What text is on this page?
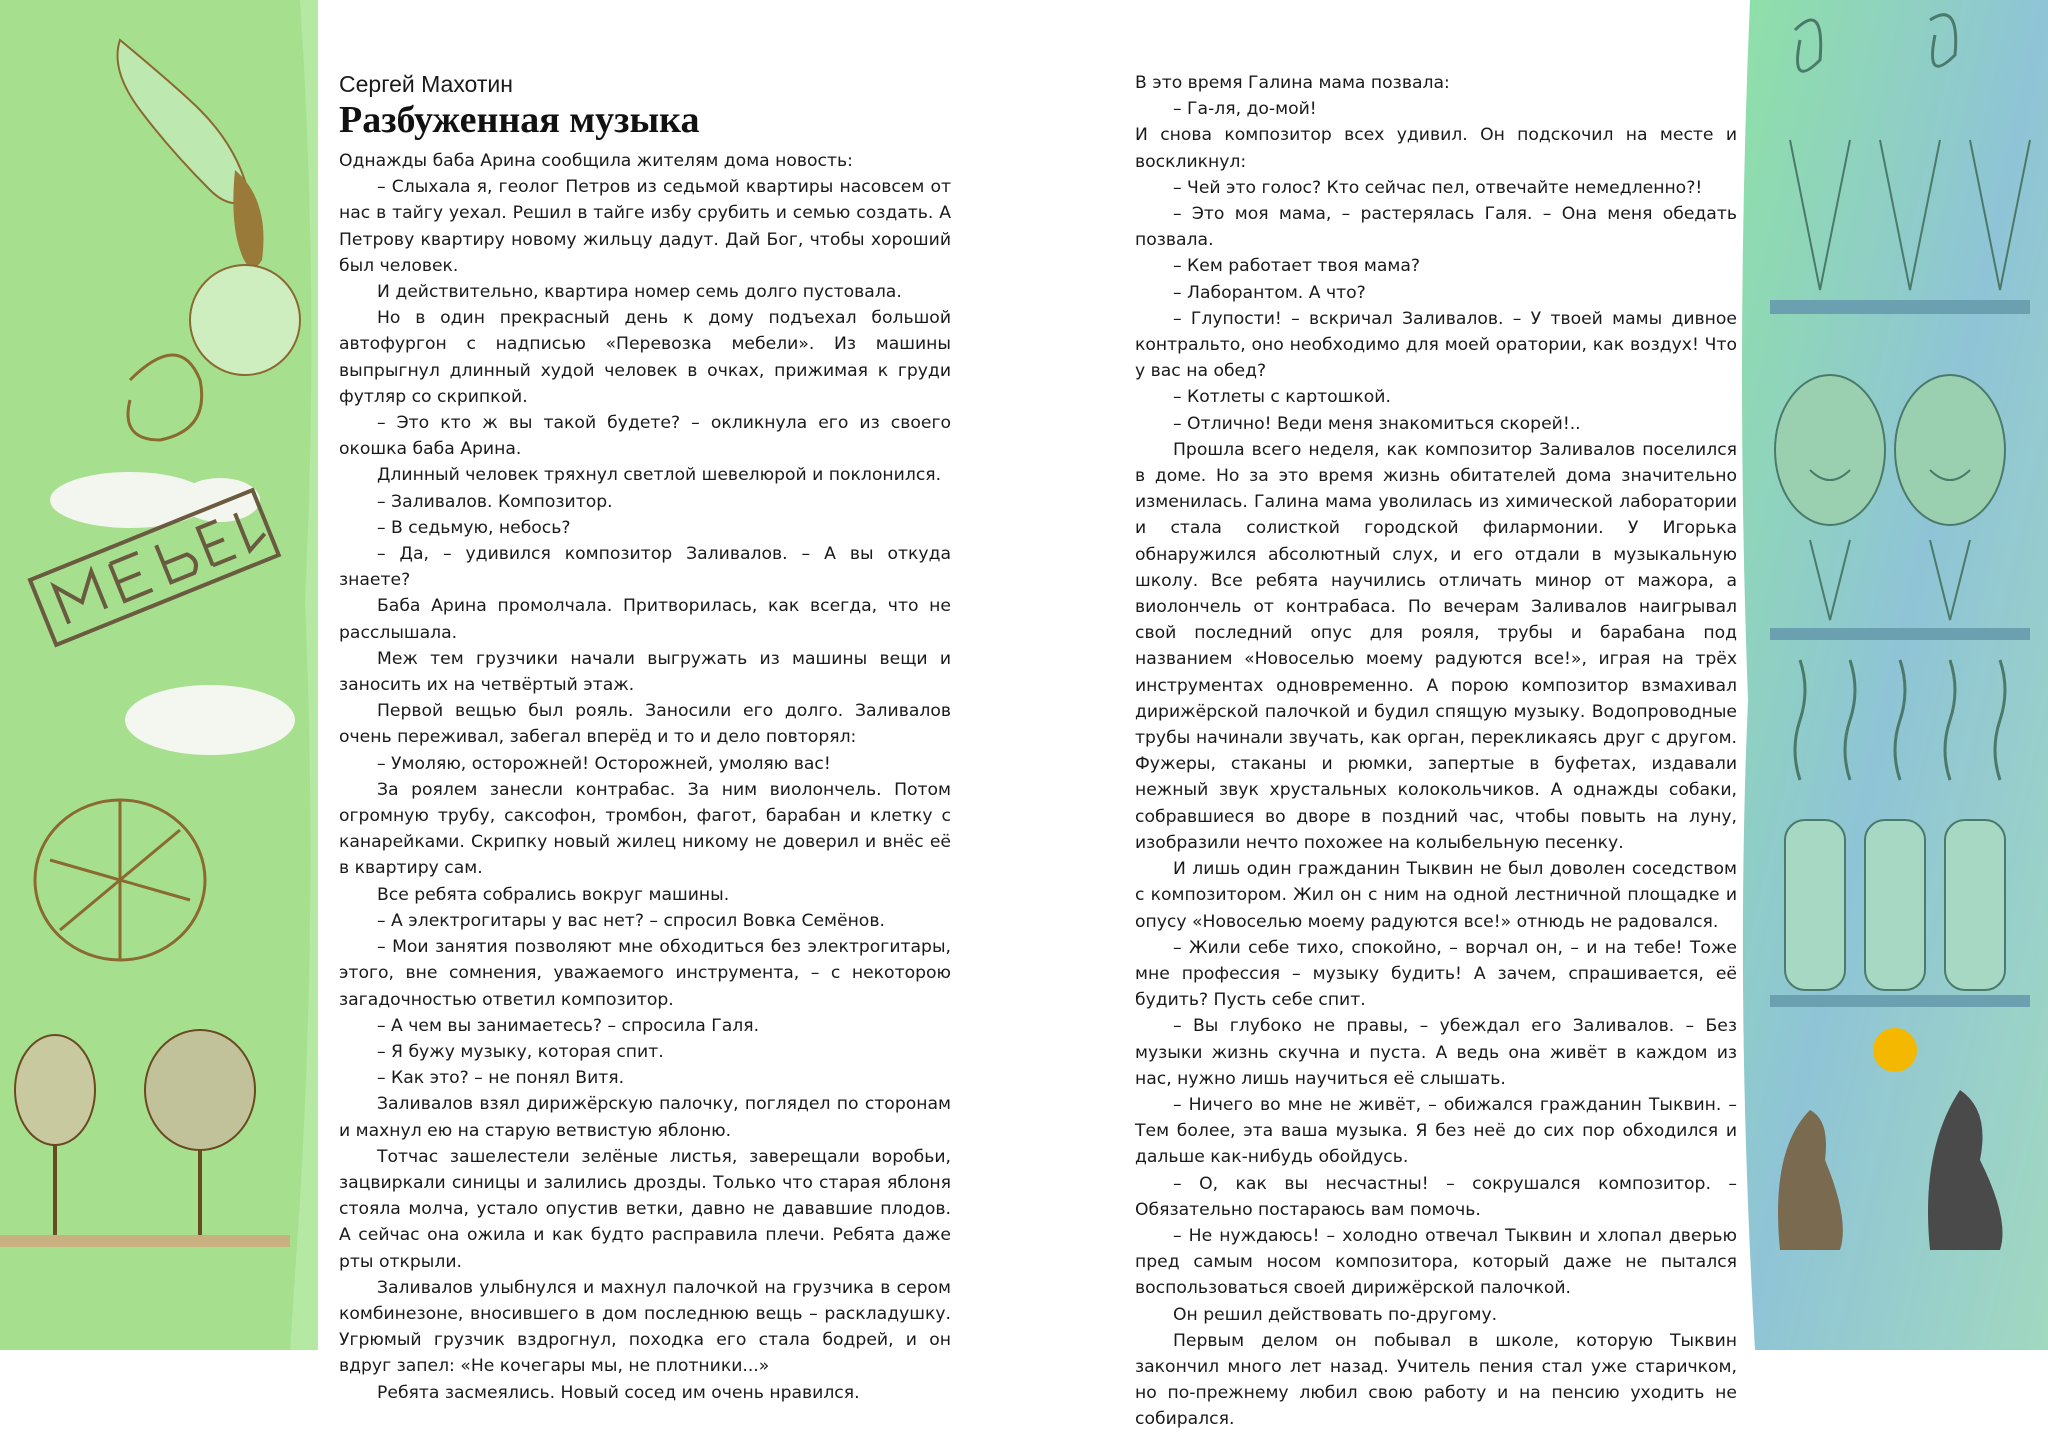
Сергей Махотин
Разбуженная музыка

Однажды баба Арина сообщила жителям дома новость:

– Слыхала я, геолог Петров из седьмой квартиры насовсем от нас в тайгу уехал. Решил в тайге избу срубить и семью создать. А Петрову квартиру новому жильцу дадут. Дай Бог, чтобы хороший был человек.

И действительно, квартира номер семь долго пустовала.

Но в один прекрасный день к дому подъехал большой автофургон с надписью «Перевозка мебели». Из машины выпрыгнул длинный худой человек в очках, прижимая к груди футляр со скрипкой.

– Это кто ж вы такой будете? – окликнула его из своего окошка баба Арина.

Длинный человек тряхнул светлой шевелюрой и поклонился.

– Заливалов. Композитор.

– В седьмую, небось?

– Да, – удивился композитор Заливалов. – А вы откуда знаете?

Баба Арина промолчала. Притворилась, как всегда, что не расслышала.

Меж тем грузчики начали выгружать из машины вещи и заносить их на четвёртый этаж.

Первой вещью был рояль. Заносили его долго. Заливалов очень переживал, забегал вперёд и то и дело повторял:

– Умоляю, осторожней! Осторожней, умоляю вас!

За роялем занесли контрабас. За ним виолончель. Потом огромную трубу, саксофон, тромбон, фагот, барабан и клетку с канарейками. Скрипку новый жилец никому не доверил и внёс её в квартиру сам.

Все ребята собрались вокруг машины.

– А электрогитары у вас нет? – спросил Вовка Семёнов.

– Мои занятия позволяют мне обходиться без электрогитары, этого, вне сомнения, уважаемого инструмента, – с некоторою загадочностью ответил композитор.

– А чем вы занимаетесь? – спросила Галя.

– Я бужу музыку, которая спит.

– Как это? – не понял Витя.

Заливалов взял дирижёрскую палочку, поглядел по сторонам и махнул ею на старую ветвистую яблоню.

Тотчас зашелестели зелёные листья, заверещали воробьи, зацвиркали синицы и залились дрозды. Только что старая яблоня стояла молча, устало опустив ветки, давно не дававшие плодов. А сейчас она ожила и как будто расправила плечи. Ребята даже рты открыли.

Заливалов улыбнулся и махнул палочкой на грузчика в сером комбинезоне, вносившего в дом последнюю вещь – раскладушку. Угрюмый грузчик вздрогнул, походка его стала бодрей, и он вдруг запел: «Не кочегары мы, не плотники...»

Ребята засмеялись. Новый сосед им очень нравился.

В это время Галина мама позвала:

– Га-ля, до-мой!

И снова композитор всех удивил. Он подскочил на месте и воскликнул:

– Чей это голос? Кто сейчас пел, отвечайте немедленно?!

– Это моя мама, – растерялась Галя. – Она меня обедать позвала.

– Кем работает твоя мама?

– Лаборантом. А что?

– Глупости! – вскричал Заливалов. – У твоей мамы дивное контральто, оно необходимо для моей оратории, как воздух! Что у вас на обед?

– Котлеты с картошкой.

– Отлично! Веди меня знакомиться скорей!..

Прошла всего неделя, как композитор Заливалов поселился в доме. Но за это время жизнь обитателей дома значительно изменилась. Галина мама уволилась из химической лаборатории и стала солисткой городской филармонии. У Игорька обнаружился абсолютный слух, и его отдали в музыкальную школу. Все ребята научились отличать минор от мажора, а виолончель от контрабаса. По вечерам Заливалов наигрывал свой последний опус для рояля, трубы и барабана под названием «Новоселью моему радуются все!», играя на трёх инструментах одновременно. А порою композитор взмахивал дирижёрской палочкой и будил спящую музыку. Водопроводные трубы начинали звучать, как орган, перекликаясь друг с другом. Фужеры, стаканы и рюмки, запертые в буфетах, издавали нежный звук хрустальных колокольчиков. А однажды собаки, собравшиеся во дворе в поздний час, чтобы повыть на луну, изобразили нечто похожее на колыбельную песенку.

И лишь один гражданин Тыквин не был доволен соседством с композитором. Жил он с ним на одной лестничной площадке и опусу «Новоселью моему радуются все!» отнюдь не радовался.

– Жили себе тихо, спокойно, – ворчал он, – и на тебе! Тоже мне профессия – музыку будить! А зачем, спрашивается, её будить? Пусть себе спит.

– Вы глубоко не правы, – убеждал его Заливалов. – Без музыки жизнь скучна и пуста. А ведь она живёт в каждом из нас, нужно лишь научиться её слышать.

– Ничего во мне не живёт, – обижался гражданин Тыквин. – Тем более, эта ваша музыка. Я без неё до сих пор обходился и дальше как-нибудь обойдусь.

– О, как вы несчастны! – сокрушался композитор. – Обязательно постараюсь вам помочь.

– Не нуждаюсь! – холодно отвечал Тыквин и хлопал дверью пред самым носом композитора, который даже не пытался воспользоваться своей дирижёрской палочкой.

Он решил действовать по-другому.

Первым делом он побывал в школе, которую Тыквин закончил много лет назад. Учитель пения стал уже старичком, но по-прежнему любил свою работу и на пенсию уходить не собирался.
